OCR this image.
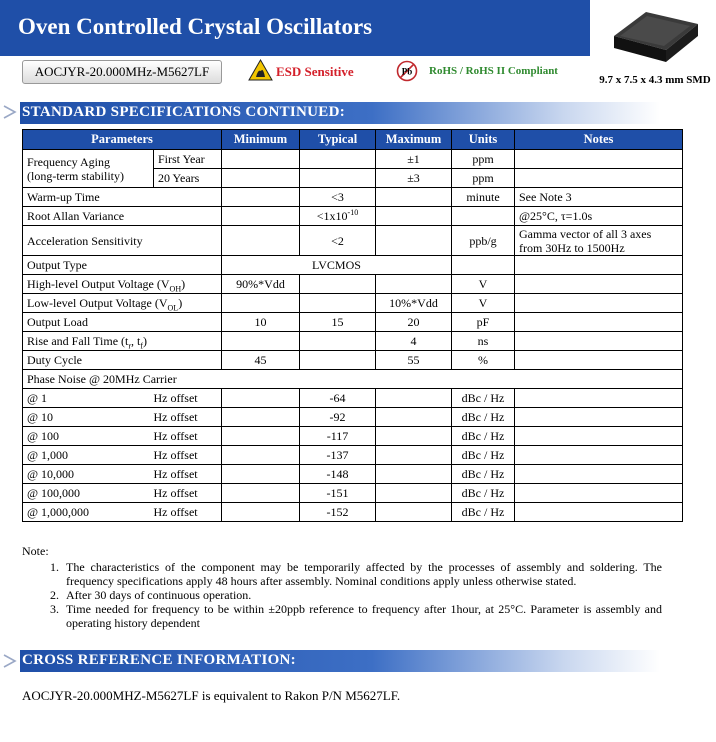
Oven Controlled Crystal Oscillators
AOCJYR-20.000MHz-M5627LF	ESD Sensitive	Pb RoHS / RoHS II Compliant
9.7 x 7.5 x 4.3 mm SMD
STANDARD SPECIFICATIONS CONTINUED:
Parameters		Minimum	Typical	Maximum	Units	Notes

Frequency Aging
(long-term stability)	First Year			±1	ppm	
	20 Years			±3	ppm	
Warm-up Time			<3		minute	See Note 3
Root Allan Variance			$<1x10^{-10}$			@25°C, τ=1.0s
Acceleration Sensitivity			<2		ppb/g	Gamma vector of all 3 axes
from 30Hz to 1500Hz

Output Type		LVCMOS				
High-level Output Voltage $(V_{OH})$		90%*Vdd			V	
Low-level Output Voltage $(V_{OL})$				10%*Vdd	V	
Output Load		10	15	20	pF	
Rise and Fall Time ($t_r$, $t_f$)				4	ns	
Duty Cycle		45		55	%	
Phase Noise @ 20MHz Carrier						
@ 1	Hz offset		-64		dBc / Hz	
@ 10	Hz offset		-92		dBc / Hz	
@ 100	Hz offset		-117		dBc / Hz	
@ 1,000	Hz offset		-137		dBc / Hz	
@ 10,000	Hz offset		-148		dBc / Hz	
@ 100,000	Hz offset		-151		dBc / Hz	
@ 1,000,000	Hz offset		-152		dBc / Hz	
Note:
1. The characteristics of the component may be temporarily affected by the processes of assembly and soldering. The frequency specifications apply 48 hours after assembly. Nominal conditions apply unless otherwise stated.
2. After 30 days of continuous operation.
3. Time needed for frequency to be within ±20ppb reference to frequency after 1hour, at 25°C. Parameter is assembly and operating history dependent
CROSS REFERENCE INFORMATION:
AOCJYR-20.000MHZ-M5627LF is equivalent to Rakon P/N M5627LF.
